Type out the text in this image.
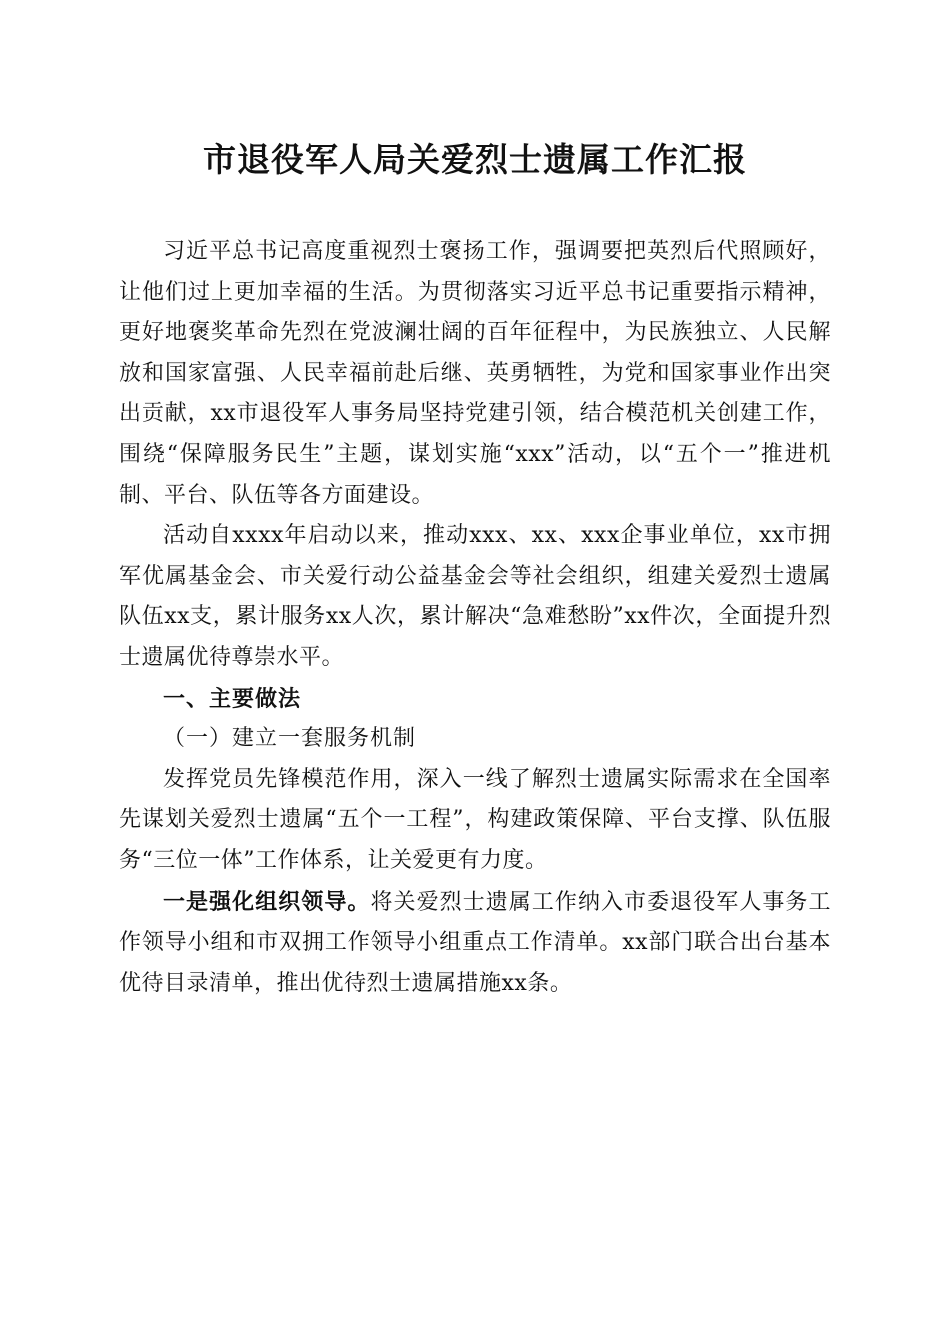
市退役军人局关爱烈士遗属工作汇报

习近平总书记高度重视烈士褒扬工作，强调要把英烈后代照顾好，让他们过上更加幸福的生活。为贯彻落实习近平总书记重要指示精神，更好地褒奖革命先烈在党波澜壮阔的百年征程中，为民族独立、人民解放和国家富强、人民幸福前赴后继、英勇牺牲，为党和国家事业作出突出贡献，xx市退役军人事务局坚持党建引领，结合模范机关创建工作，围绕“保障服务民生”主题，谋划实施“xxx”活动，以“五个一”推进机制、平台、队伍等各方面建设。

活动自xxxx年启动以来，推动xxx、xx、xxx企事业单位，xx市拥军优属基金会、市关爱行动公益基金会等社会组织，组建关爱烈士遗属队伍xx支，累计服务xx人次，累计解决“急难愁盼”xx件次，全面提升烈士遗属优待尊崇水平。

一、主要做法

（一）建立一套服务机制

发挥党员先锋模范作用，深入一线了解烈士遗属实际需求在全国率先谋划关爱烈士遗属“五个一工程”，构建政策保障、平台支撑、队伍服务“三位一体”工作体系，让关爱更有力度。

一是强化组织领导。将关爱烈士遗属工作纳入市委退役军人事务工作领导小组和市双拥工作领导小组重点工作清单。xx部门联合出台基本优待目录清单，推出优待烈士遗属措施xx条。
